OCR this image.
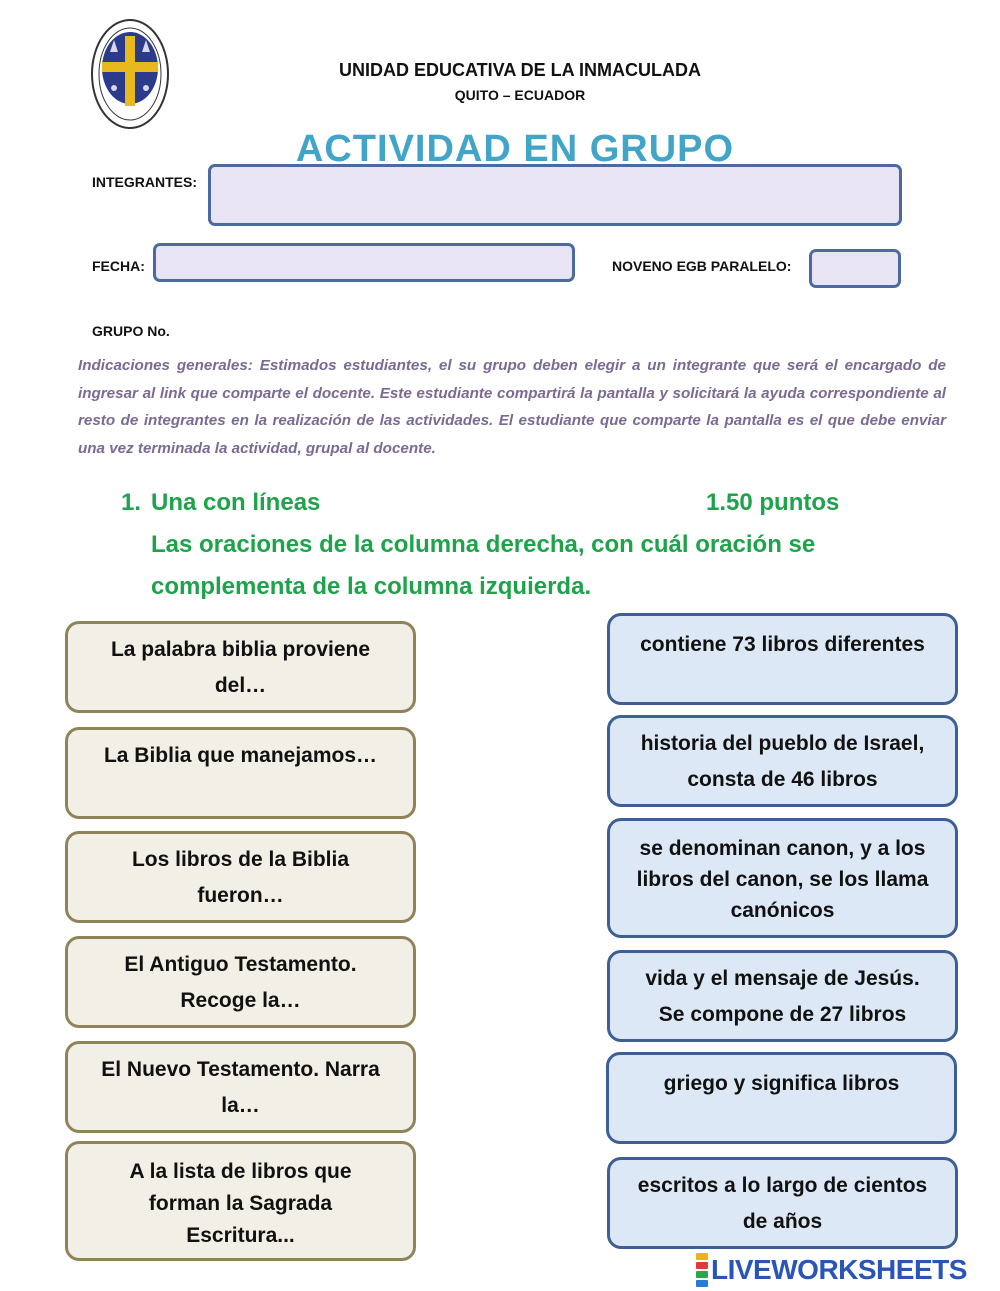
UNIDAD EDUCATIVA DE LA INMACULADA
QUITO – ECUADOR
ACTIVIDAD EN GRUPO
INTEGRANTES:
FECHA:	NOVENO EGB PARALELO:
GRUPO No.
Indicaciones generales: Estimados estudiantes, el su grupo deben elegir a un integrante que será el encargado de ingresar al link que comparte el docente. Este estudiante compartirá la pantalla y solicitará la ayuda correspondiente al resto de integrantes en la realización de las actividades. El estudiante que comparte la pantalla es el que debe enviar una vez terminada la actividad, grupal al docente.
1. Una con líneas	1.50 puntos
Las oraciones de la columna derecha, con cuál oración se
complementa de la columna izquierda.
La palabra biblia proviene
del…
La Biblia que manejamos…
Los libros de la Biblia
fueron…
El Antiguo Testamento.
Recoge la…
El Nuevo Testamento. Narra
la…
A la lista de libros que
forman la Sagrada
Escritura...
contiene 73 libros diferentes
historia del pueblo de Israel,
consta de 46 libros
se denominan canon, y a los
libros del canon, se los llama
canónicos
vida y el mensaje de Jesús.
Se compone de 27 libros
griego y significa libros
escritos a lo largo de cientos
de años
LIVEWORKSHEETS
